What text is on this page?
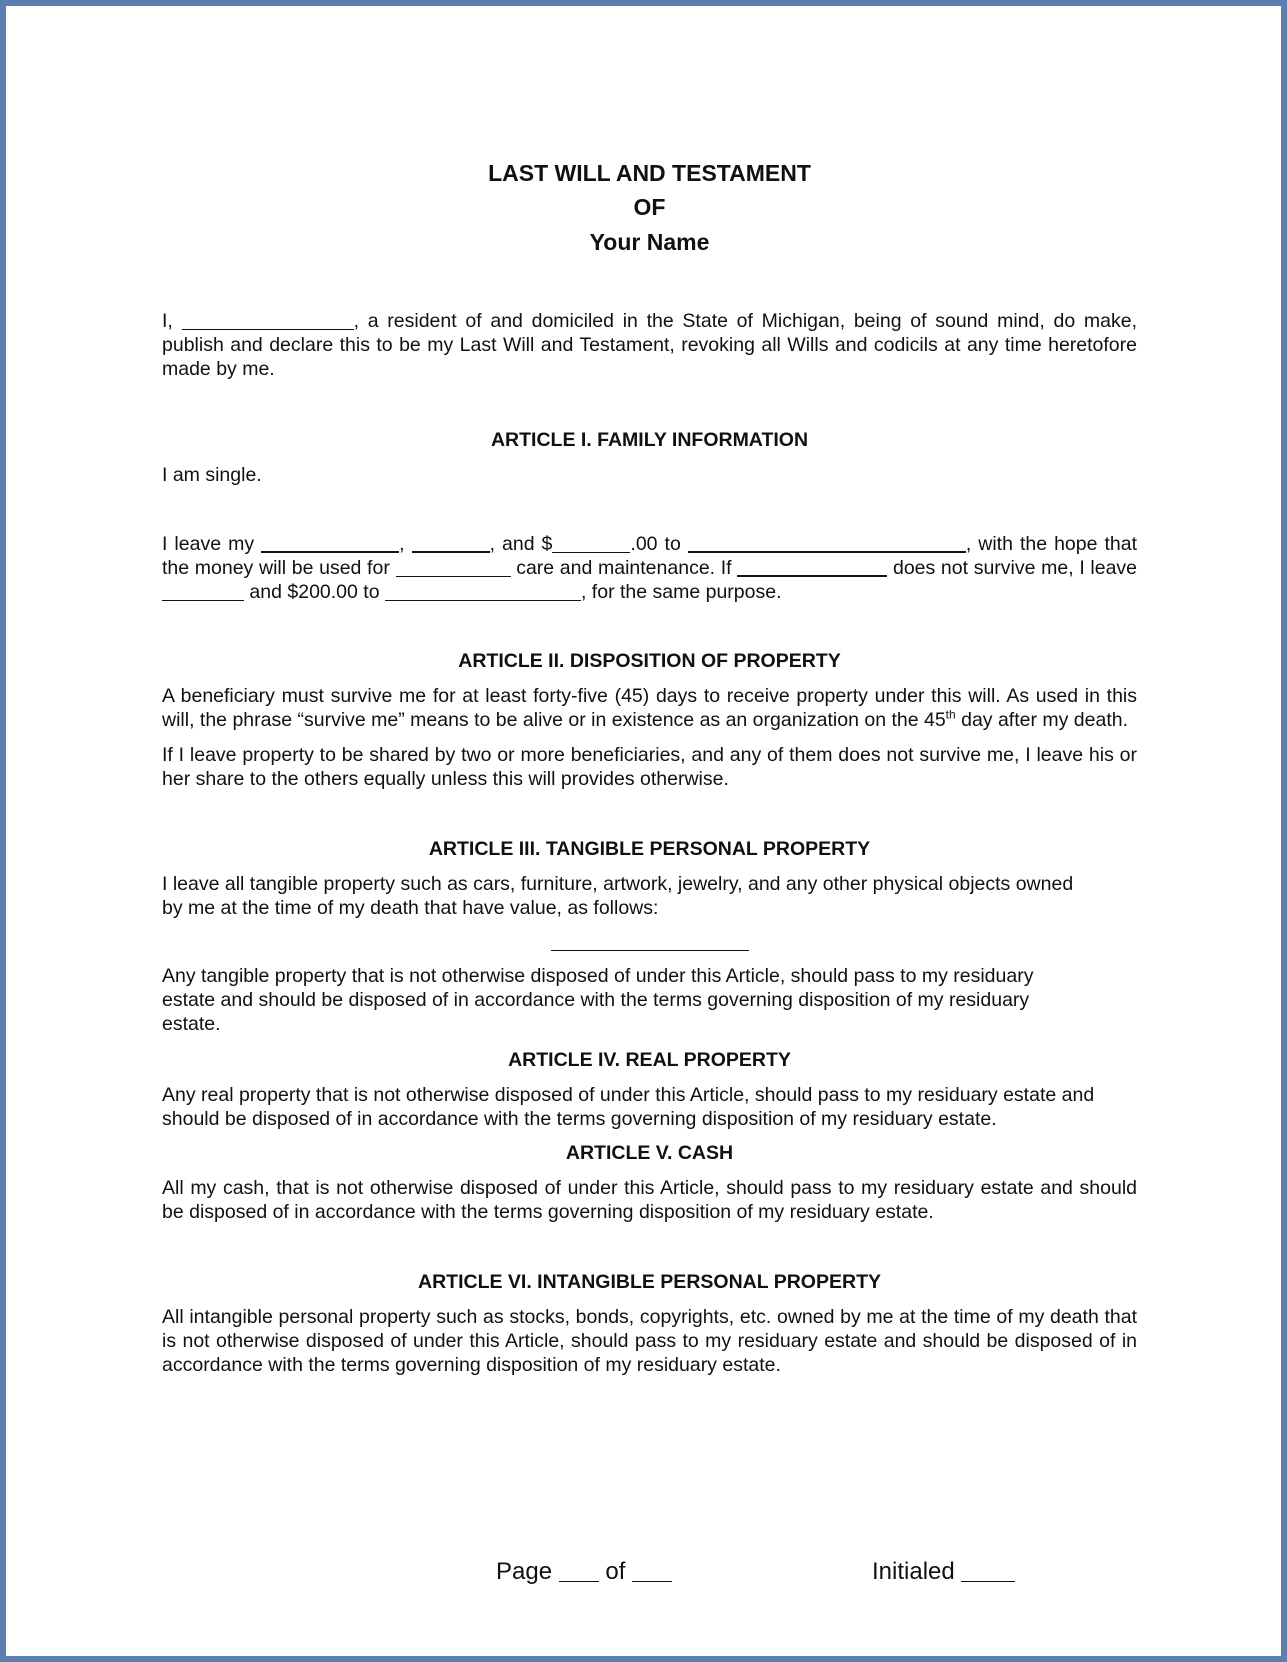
LAST WILL AND TESTAMENT
OF
Your Name

I,	, a resident of and domiciled in the State of Michigan, being of sound mind, do make, publish and declare this to be my Last Will and Testament, revoking all Wills and codicils at any time heretofore made by me.

ARTICLE I. FAMILY INFORMATION

I am single.

I leave my	,	, and $	.00 to	, with the hope that the money will be used for	care and maintenance. If	does not survive me, I leave  and $200.00 to	, for the same purpose.

ARTICLE II. DISPOSITION OF PROPERTY

A beneficiary must survive me for at least forty-five (45) days to receive property under this will. As used in this will, the phrase “survive me” means to be alive or in existence as an organization on the 45th day after my death.

If I leave property to be shared by two or more beneficiaries, and any of them does not survive me, I leave his or her share to the others equally unless this will provides otherwise.

ARTICLE III. TANGIBLE PERSONAL PROPERTY

I leave all tangible property such as cars, furniture, artwork, jewelry, and any other physical objects owned by me at the time of my death that have value, as follows:

Any tangible property that is not otherwise disposed of under this Article, should pass to my residuary estate and should be disposed of in accordance with the terms governing disposition of my residuary estate.

ARTICLE IV. REAL PROPERTY

Any real property that is not otherwise disposed of under this Article, should pass to my residuary estate and should be disposed of in accordance with the terms governing disposition of my residuary estate.

ARTICLE V. CASH

All my cash, that is not otherwise disposed of under this Article, should pass to my residuary estate and should be disposed of in accordance with the terms governing disposition of my residuary estate.

ARTICLE VI. INTANGIBLE PERSONAL PROPERTY

All intangible personal property such as stocks, bonds, copyrights, etc. owned by me at the time of my death that is not otherwise disposed of under this Article, should pass to my residuary estate and should be disposed of in accordance with the terms governing disposition of my residuary estate.

Page of	Initialed
